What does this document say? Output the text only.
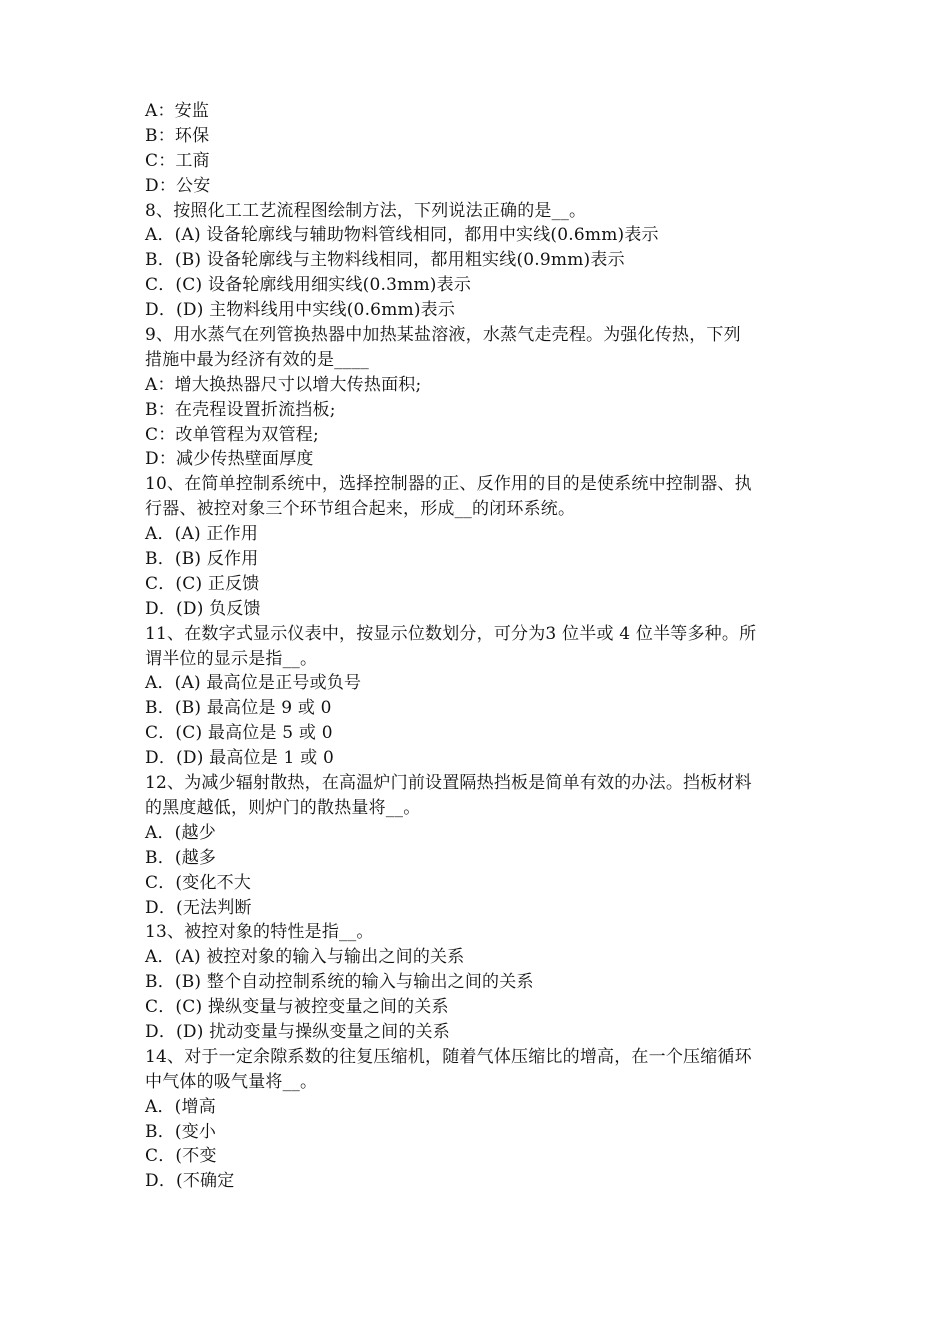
A：安监
B：环保
C：工商
D：公安
8、按照化工工艺流程图绘制方法，下列说法正确的是__。
A．(A) 设备轮廓线与辅助物料管线相同，都用中实线(0.6mm)表示
B．(B) 设备轮廓线与主物料线相同，都用粗实线(0.9mm)表示
C．(C) 设备轮廓线用细实线(0.3mm)表示
D．(D) 主物料线用中实线(0.6mm)表示
9、用水蒸气在列管换热器中加热某盐溶液，水蒸气走壳程。为强化传热，下列
措施中最为经济有效的是____
A：增大换热器尺寸以增大传热面积;
B：在壳程设置折流挡板;
C：改单管程为双管程;
D：减少传热壁面厚度
10、在简单控制系统中，选择控制器的正、反作用的目的是使系统中控制器、执
行器、被控对象三个环节组合起来，形成__的闭环系统。
A．(A) 正作用
B．(B) 反作用
C．(C) 正反馈
D．(D) 负反馈
11、在数字式显示仪表中，按显示位数划分，可分为3 位半或 4 位半等多种。所
谓半位的显示是指__。
A．(A) 最高位是正号或负号
B．(B) 最高位是 9 或 0
C．(C) 最高位是 5 或 0
D．(D) 最高位是 1 或 0
12、为减少辐射散热，在高温炉门前设置隔热挡板是简单有效的办法。挡板材料
的黑度越低，则炉门的散热量将__。
A．(越少
B．(越多
C．(变化不大
D．(无法判断
13、被控对象的特性是指__。
A．(A) 被控对象的输入与输出之间的关系
B．(B) 整个自动控制系统的输入与输出之间的关系
C．(C) 操纵变量与被控变量之间的关系
D．(D) 扰动变量与操纵变量之间的关系
14、对于一定余隙系数的往复压缩机，随着气体压缩比的增高，在一个压缩循环
中气体的吸气量将__。
A．(增高
B．(变小
C．(不变
D．(不确定
